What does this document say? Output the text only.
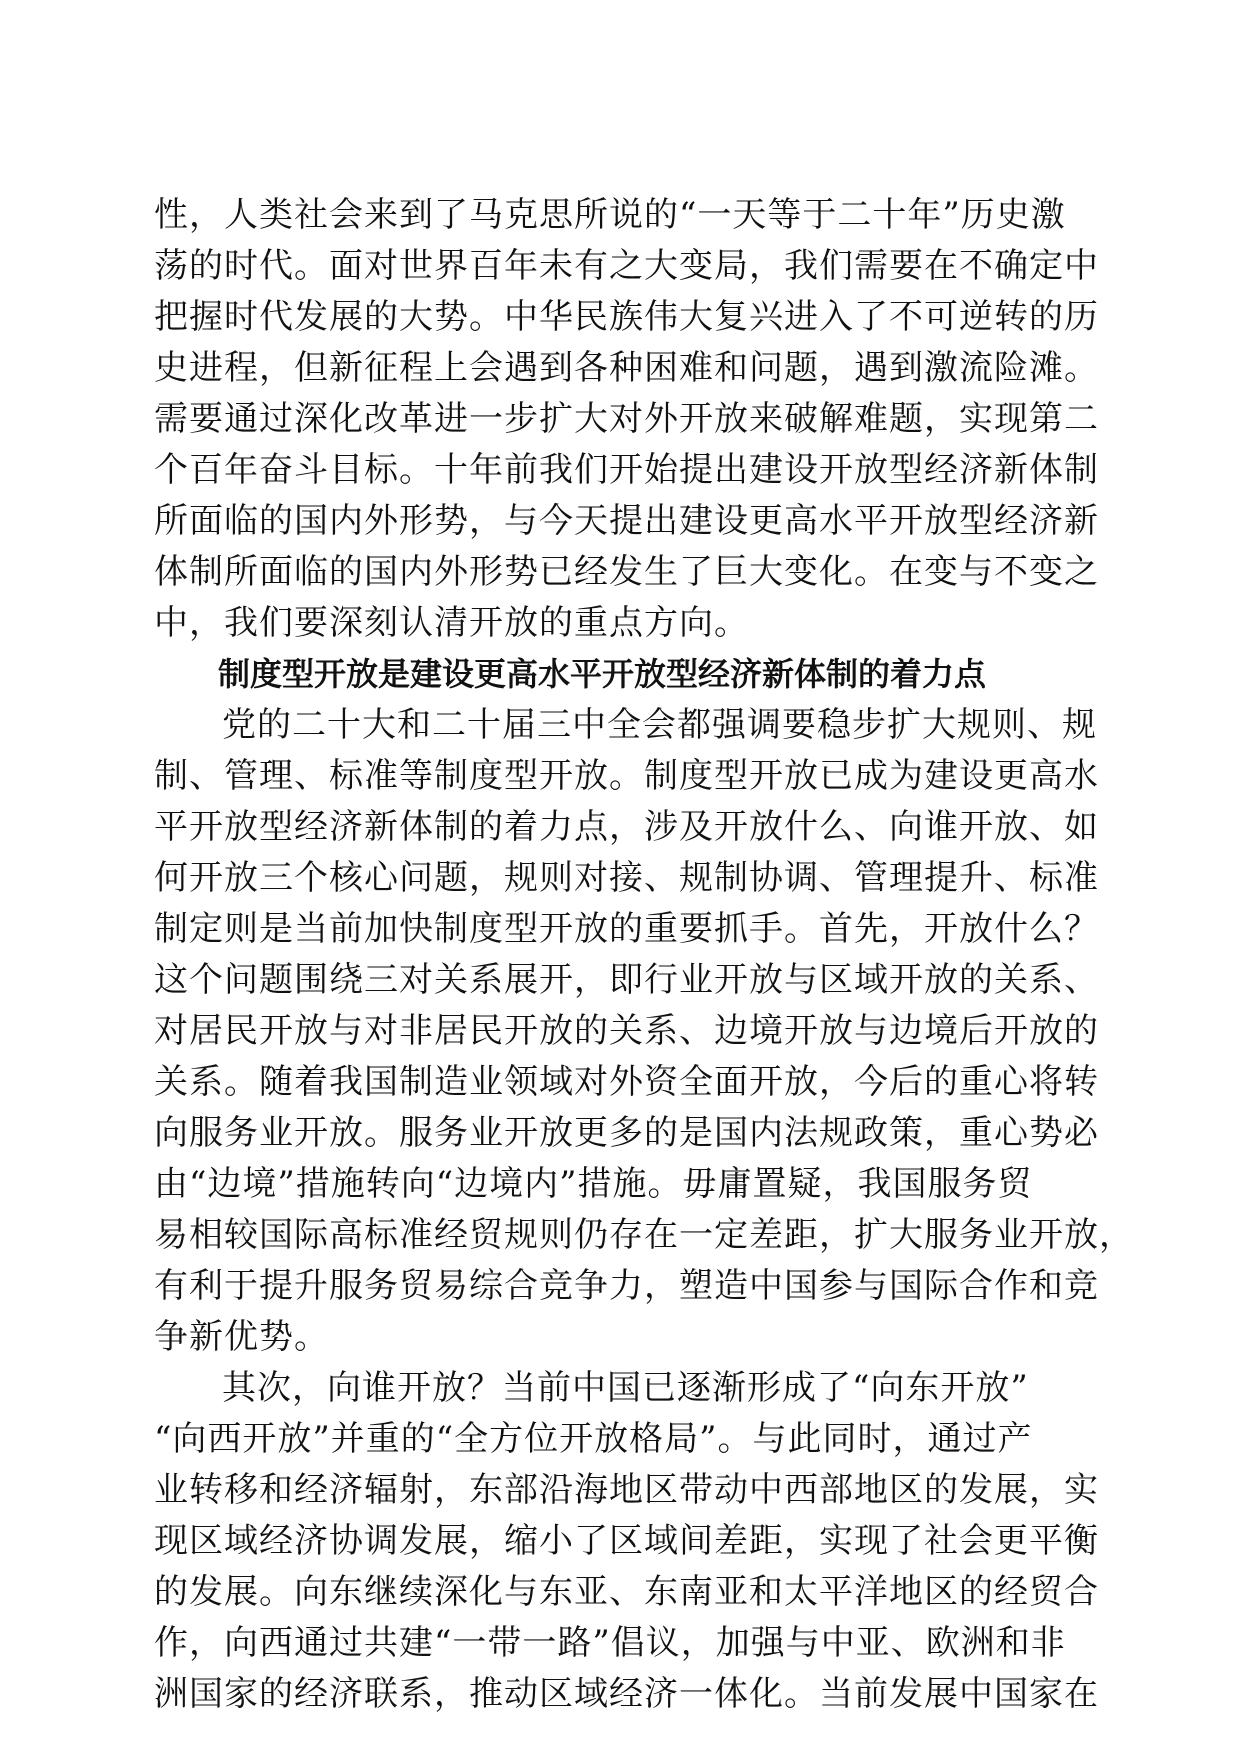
性，人类社会来到了马克思所说的“一天等于二十年”历史激
荡的时代。面对世界百年未有之大变局，我们需要在不确定中
把握时代发展的大势。中华民族伟大复兴进入了不可逆转的历
史进程，但新征程上会遇到各种困难和问题，遇到激流险滩。
需要通过深化改革进一步扩大对外开放来破解难题，实现第二
个百年奋斗目标。十年前我们开始提出建设开放型经济新体制
所面临的国内外形势，与今天提出建设更高水平开放型经济新
体制所面临的国内外形势已经发生了巨大变化。在变与不变之
中，我们要深刻认清开放的重点方向。
制度型开放是建设更高水平开放型经济新体制的着力点
党的二十大和二十届三中全会都强调要稳步扩大规则、规
制、管理、标准等制度型开放。制度型开放已成为建设更高水
平开放型经济新体制的着力点，涉及开放什么、向谁开放、如
何开放三个核心问题，规则对接、规制协调、管理提升、标准
制定则是当前加快制度型开放的重要抓手。首先，开放什么？
这个问题围绕三对关系展开，即行业开放与区域开放的关系、
对居民开放与对非居民开放的关系、边境开放与边境后开放的
关系。随着我国制造业领域对外资全面开放，今后的重心将转
向服务业开放。服务业开放更多的是国内法规政策，重心势必
由“边境”措施转向“边境内”措施。毋庸置疑，我国服务贸
易相较国际高标准经贸规则仍存在一定差距，扩大服务业开放，
有利于提升服务贸易综合竞争力，塑造中国参与国际合作和竞
争新优势。
其次，向谁开放？当前中国已逐渐形成了“向东开放”
“向西开放”并重的“全方位开放格局”。与此同时，通过产
业转移和经济辐射，东部沿海地区带动中西部地区的发展，实
现区域经济协调发展，缩小了区域间差距，实现了社会更平衡
的发展。向东继续深化与东亚、东南亚和太平洋地区的经贸合
作，向西通过共建“一带一路”倡议，加强与中亚、欧洲和非
洲国家的经济联系，推动区域经济一体化。当前发展中国家在
